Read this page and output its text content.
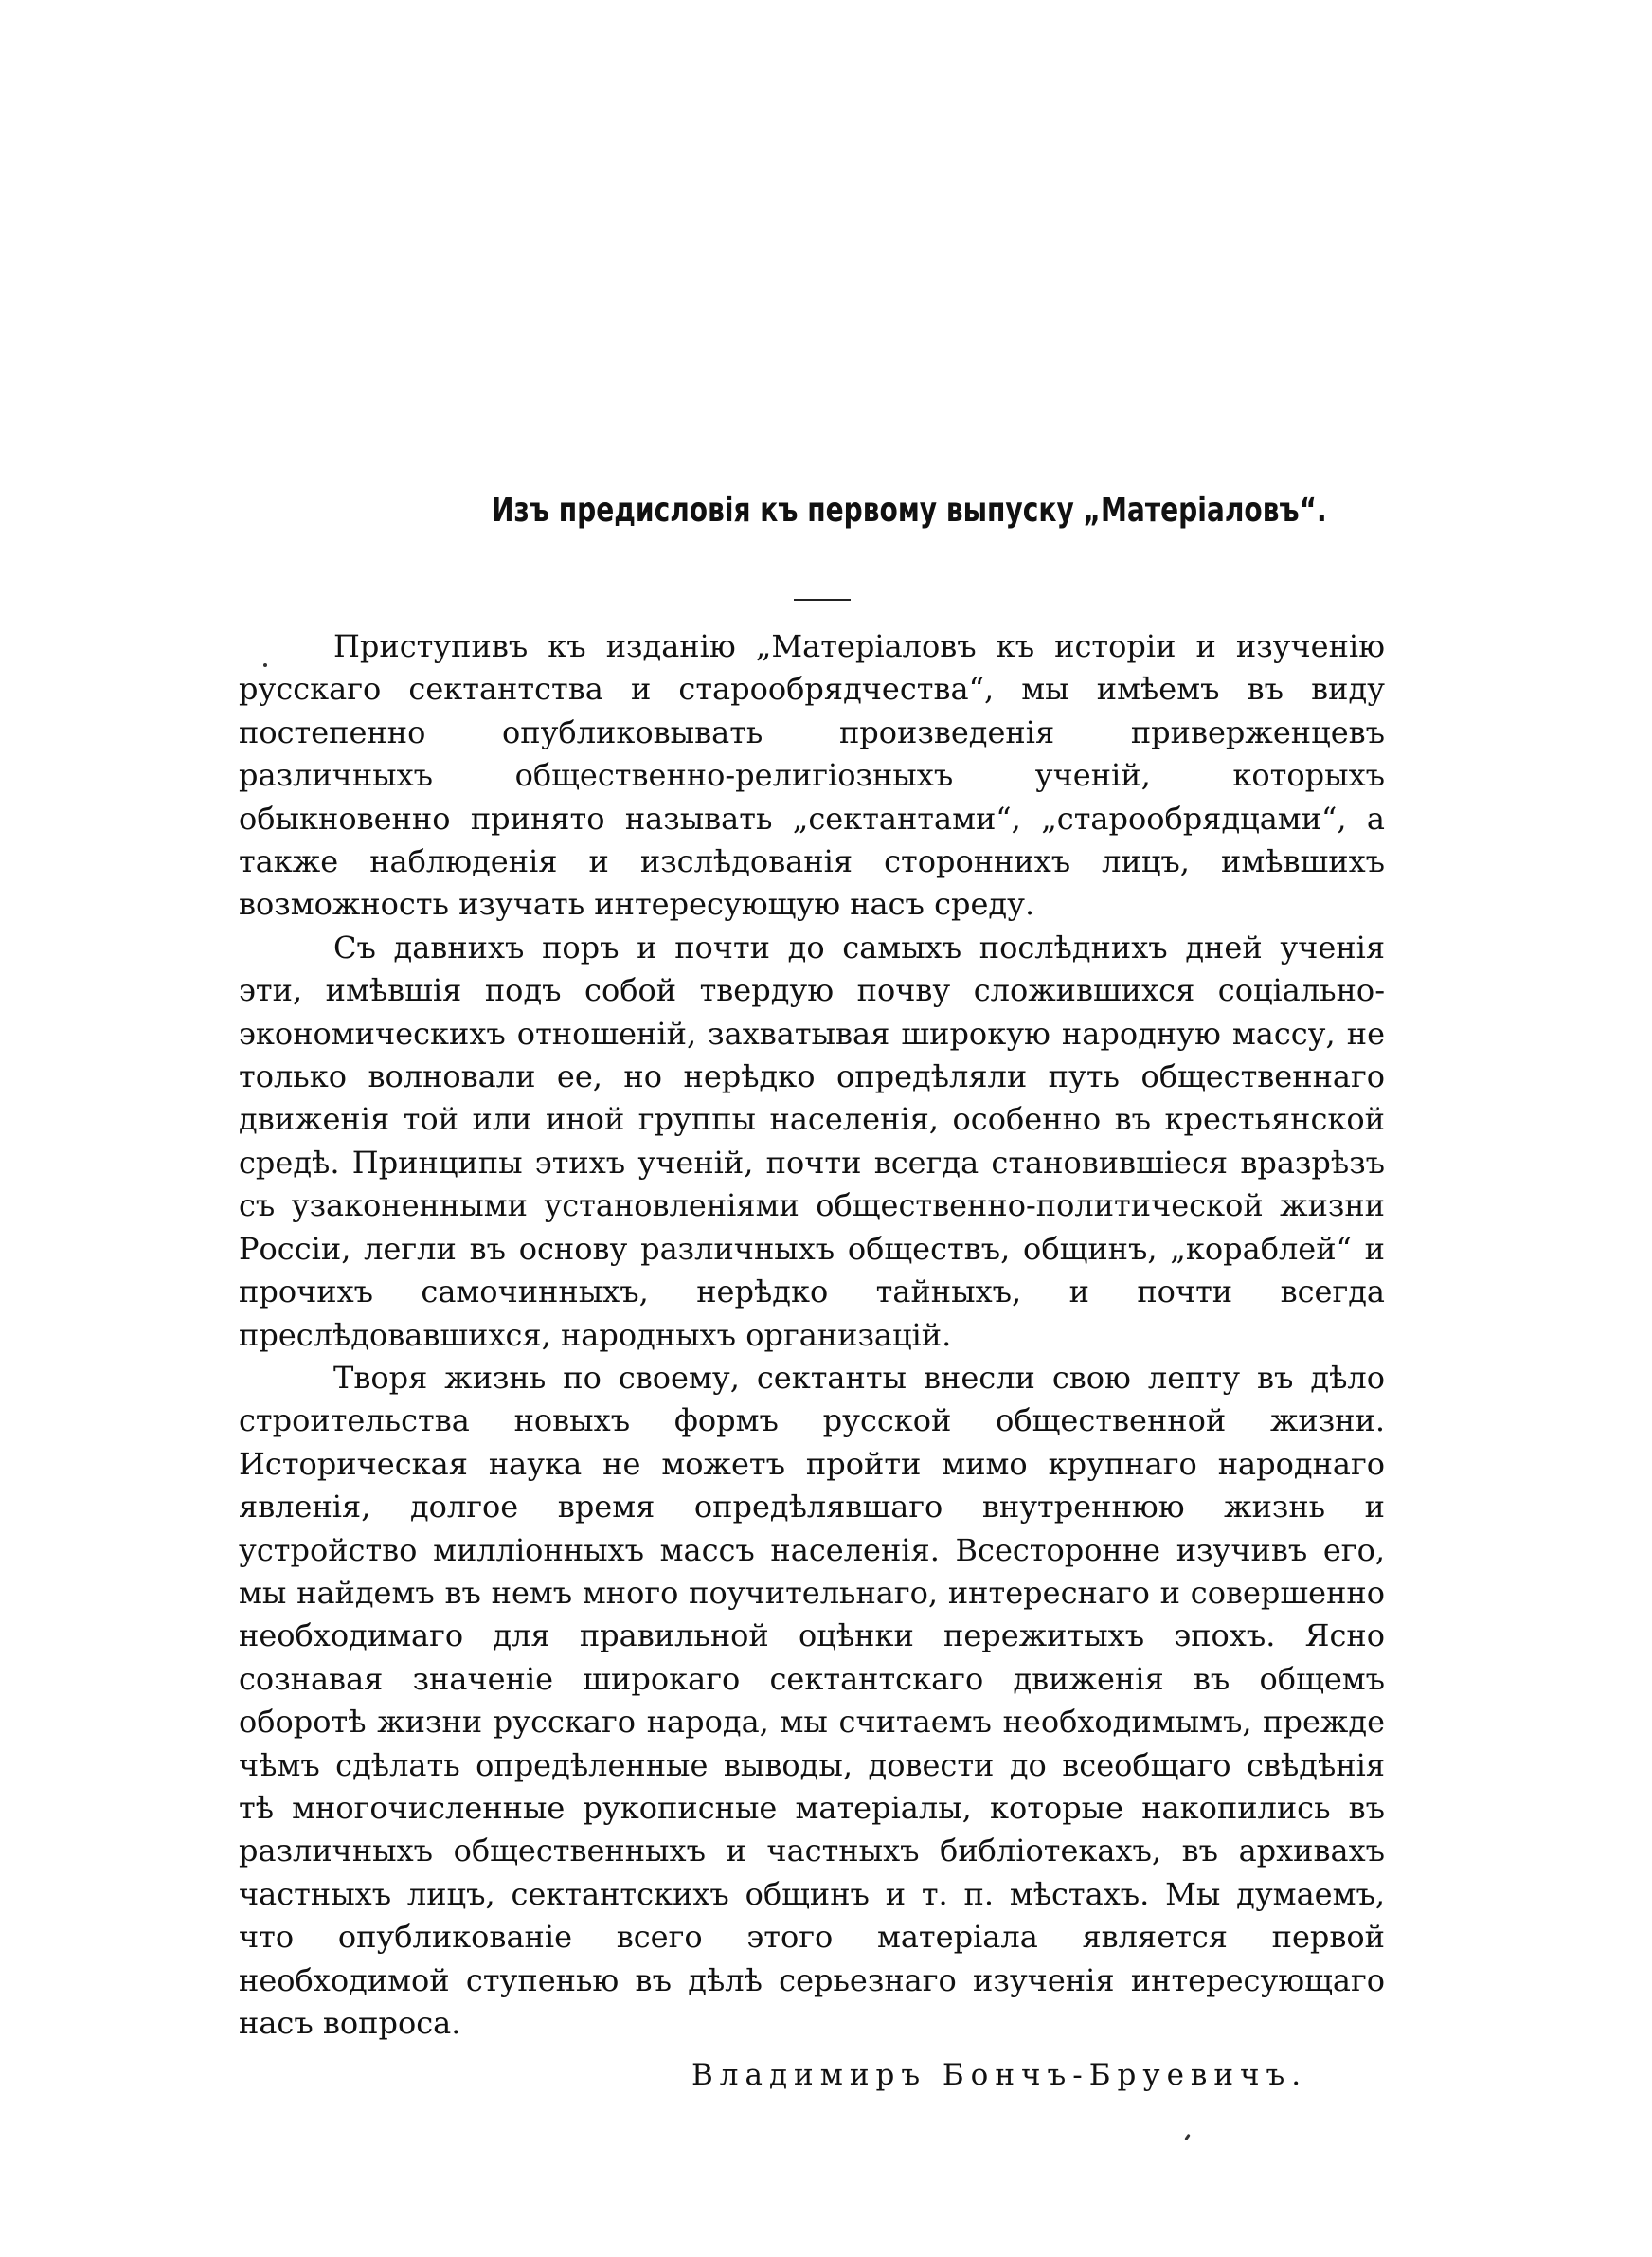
Изъ предисловія къ первому выпуску „Матеріаловъ“.

Приступивъ къ изданію „Матеріаловъ къ исторіи и изученію русскаго сектантства и старообрядчества“, мы имѣемъ въ виду постепенно опубликовывать произведенія приверженцевъ различныхъ общественно-религіозныхъ ученій, которыхъ обыкновенно принято называть „сектантами“, „старообрядцами“, а также наблюденія и изслѣдованія стороннихъ лицъ, имѣвшихъ возможность изучать интересующую насъ среду.

Съ давнихъ поръ и почти до самыхъ послѣднихъ дней ученія эти, имѣвшія подъ собой твердую почву сложившихся соціально-экономическихъ отношеній, захватывая широкую народную массу, не только волновали ее, но нерѣдко опредѣляли путь общественнаго движенія той или иной группы населенія, особенно въ крестьянской средѣ. Принципы этихъ ученій, почти всегда становившіеся вразрѣзъ съ узаконенными установленіями общественно-политической жизни Россіи, легли въ основу различныхъ обществъ, общинъ, „кораблей“ и прочихъ самочинныхъ, нерѣдко тайныхъ, и почти всегда преслѣдовавшихся, народныхъ организацій.

Творя жизнь по своему, сектанты внесли свою лепту въ дѣло строительства новыхъ формъ русской общественной жизни. Историческая наука не можетъ пройти мимо крупнаго народнаго явленія, долгое время опредѣлявшаго внутреннюю жизнь и устройство милліонныхъ массъ населенія. Всесторонне изучивъ его, мы найдемъ въ немъ много поучительнаго, интереснаго и совершенно необходимаго для правильной оцѣнки пережитыхъ эпохъ. Ясно сознавая значеніе широкаго сектантскаго движенія въ общемъ оборотѣ жизни русскаго народа, мы считаемъ необходимымъ, прежде чѣмъ сдѣлать опредѣленные выводы, довести до всеобщаго свѣдѣнія тѣ многочисленные рукописные матеріалы, которые накопились въ различныхъ общественныхъ и частныхъ библіотекахъ, въ архивахъ частныхъ лицъ, сектантскихъ общинъ и т. п. мѣстахъ. Мы думаемъ, что опубликованіе всего этого матеріала является первой необходимой ступенью въ дѣлѣ серьезнаго изученія интересующаго насъ вопроса.

Владимиръ Бончъ-Бруевичъ.
